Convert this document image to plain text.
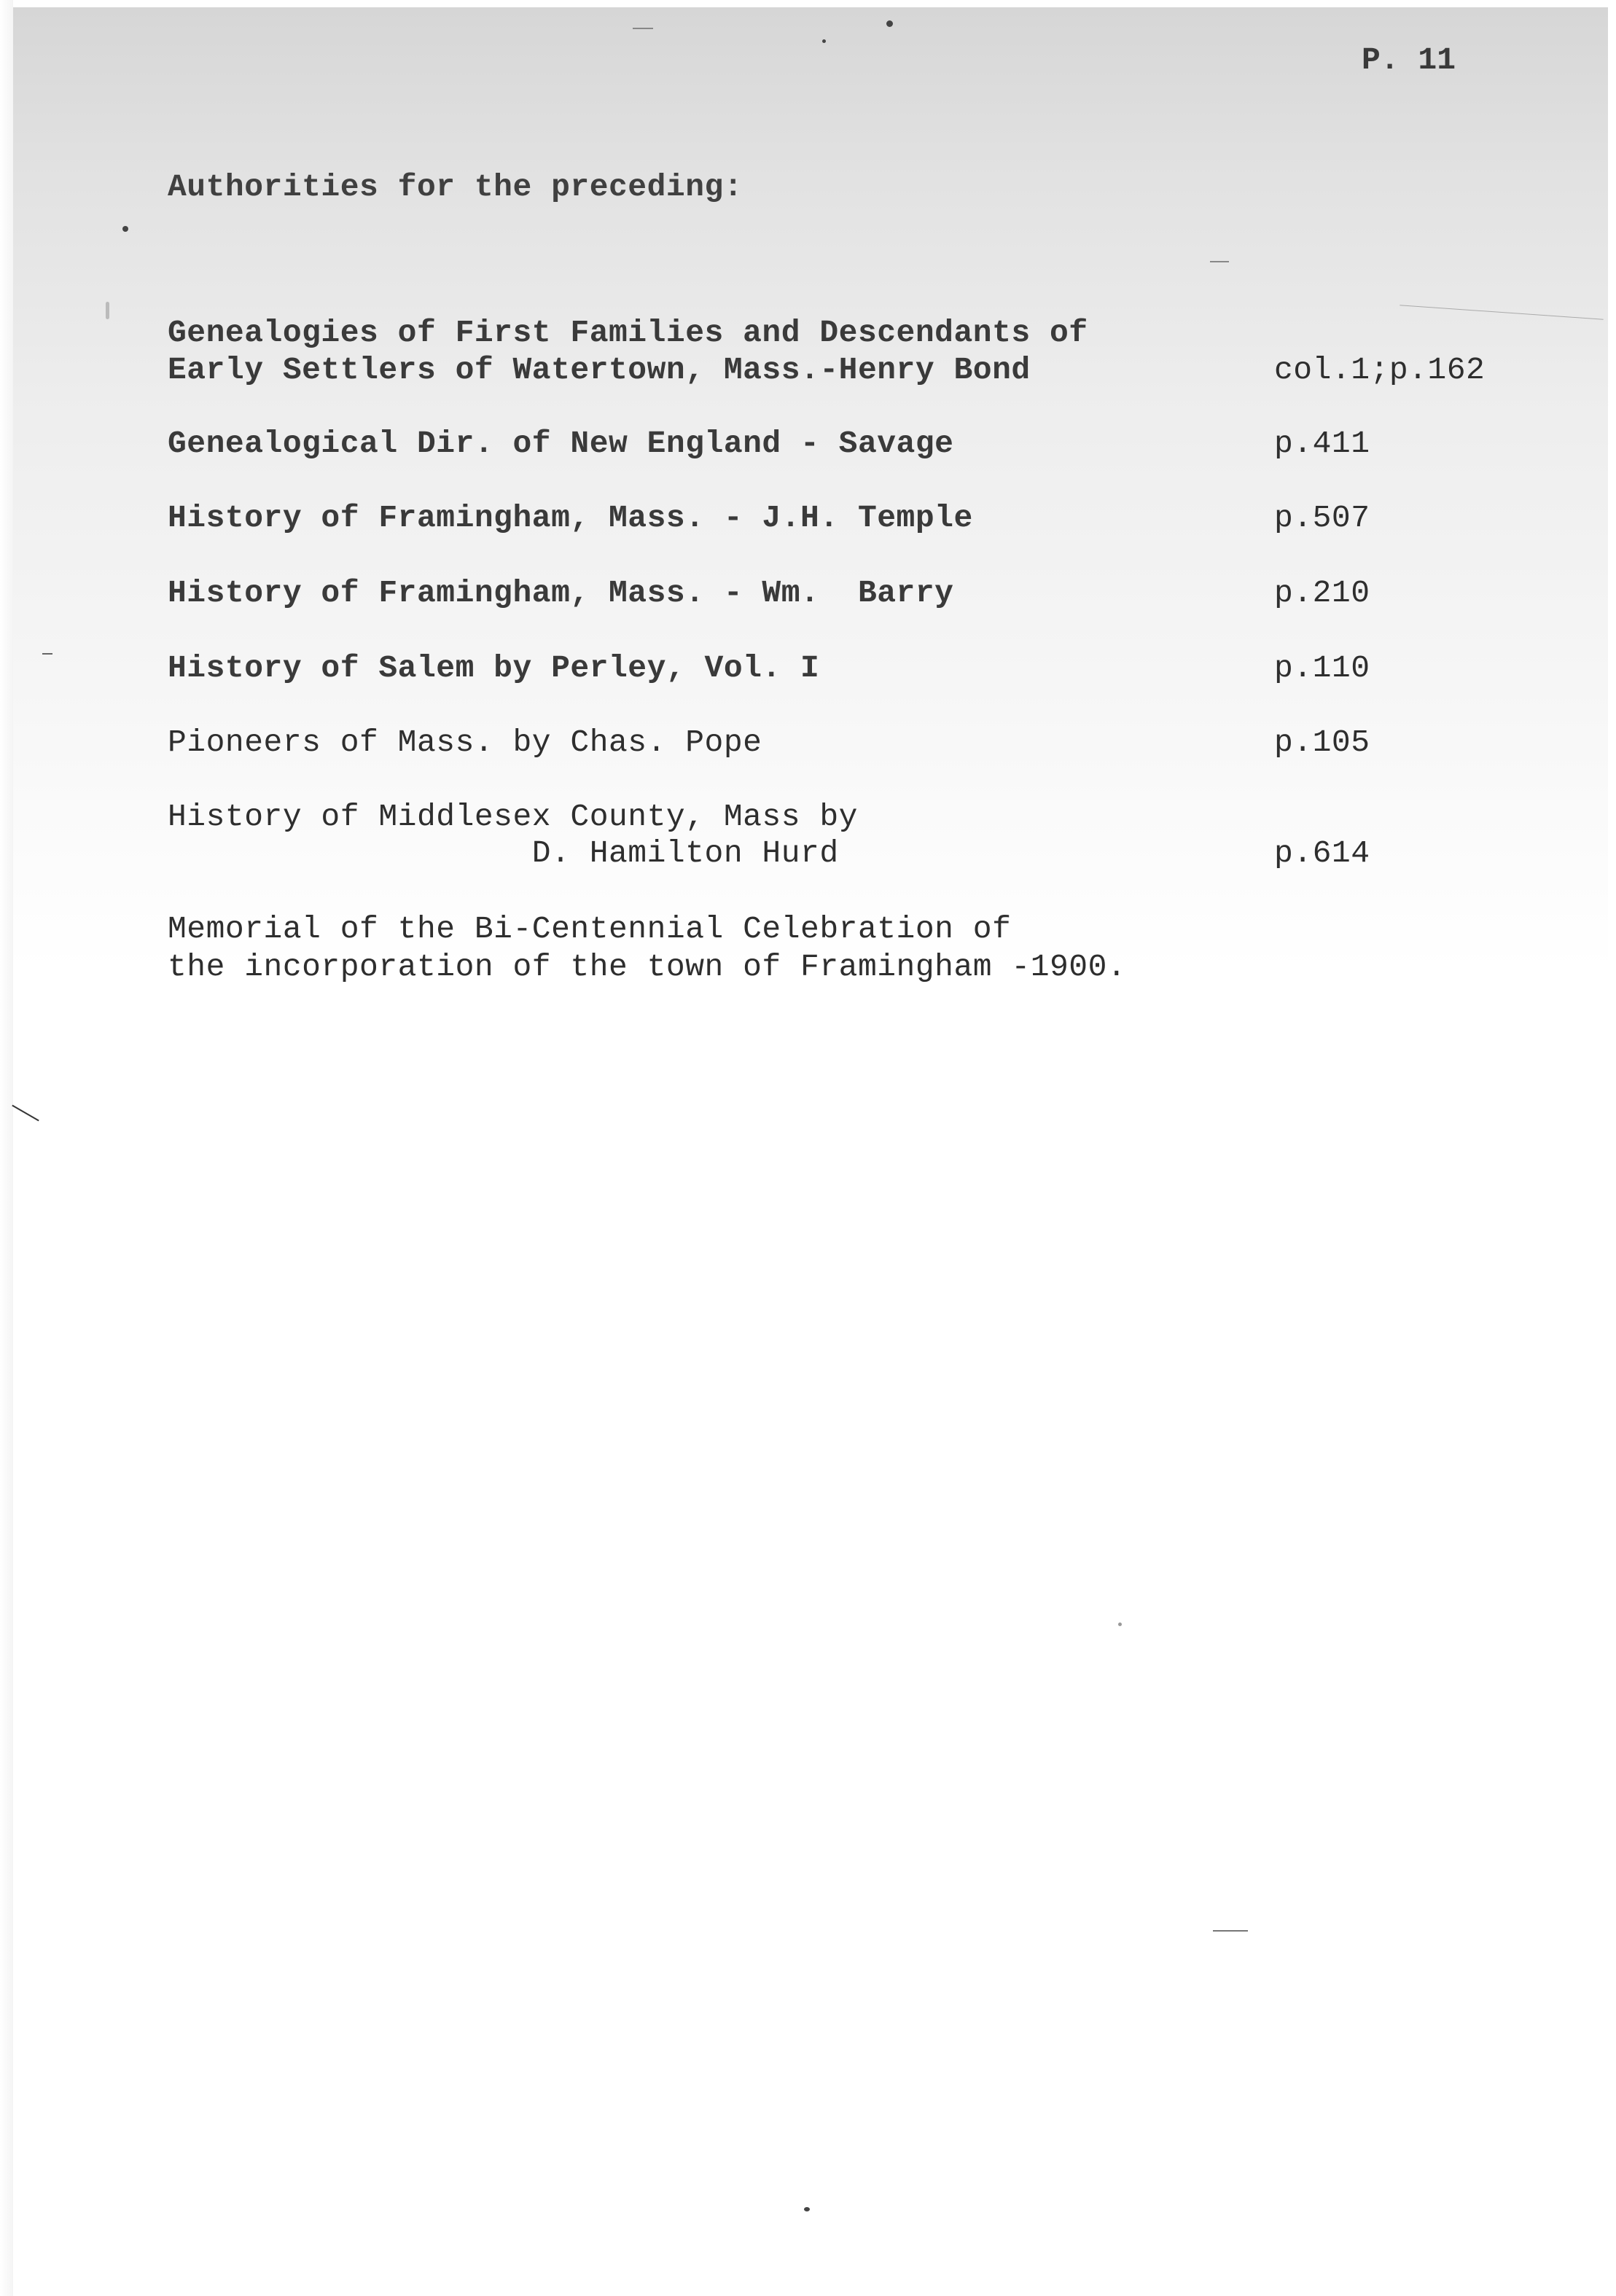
P. 11
Authorities for the preceding:
Genealogies of First Families and Descendants of
Early Settlers of Watertown, Mass.-Henry Bond	col.1;p.162
Genealogical Dir. of New England - Savage	p.411
History of Framingham, Mass. - J.H. Temple	p.507
History of Framingham, Mass. - Wm.  Barry	p.210
History of Salem by Perley, Vol. I	p.110
Pioneers of Mass. by Chas. Pope	p.105
History of Middlesex County, Mass by
D. Hamilton Hurd	p.614
Memorial of the Bi-Centennial Celebration of
the incorporation of the town of Framingham -1900.
